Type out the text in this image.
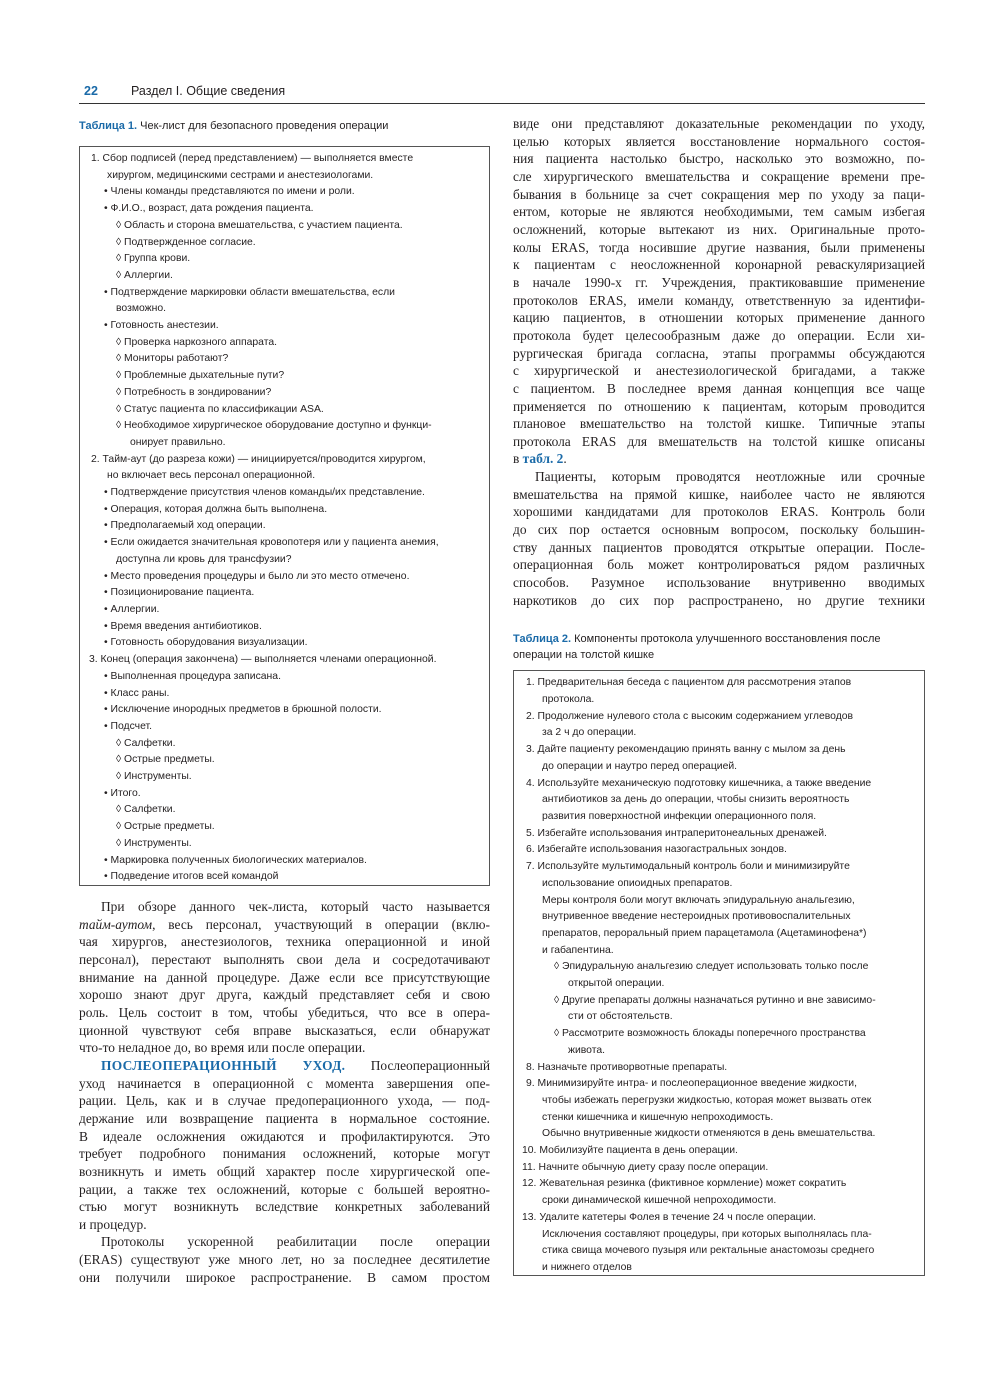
22	Раздел I. Общие сведения
Таблица 1. Чек-лист для безопасного проведения операции
1. Сбор подписей (перед представлением) — выполняется вместе
хирургом, медицинскими сестрами и анестезиологами.
• Члены команды представляются по имени и роли.
• Ф.И.О., возраст, дата рождения пациента.
◊ Область и сторона вмешательства, с участием пациента.
◊ Подтвержденное согласие.
◊ Группа крови.
◊ Аллергии.
• Подтверждение маркировки области вмешательства, если
возможно.
• Готовность анестезии.
◊ Проверка наркозного аппарата.
◊ Мониторы работают?
◊ Проблемные дыхательные пути?
◊ Потребность в зондировании?
◊ Статус пациента по классификации ASA.
◊ Необходимое хирургическое оборудование доступно и функци-
онирует правильно.
2. Тайм-аут (до разреза кожи) — инициируется/проводится хирургом,
но включает весь персонал операционной.
• Подтверждение присутствия членов команды/их представление.
• Операция, которая должна быть выполнена.
• Предполагаемый ход операции.
• Если ожидается значительная кровопотеря или у пациента анемия,
доступна ли кровь для трансфузии?
• Место проведения процедуры и было ли это место отмечено.
• Позиционирование пациента.
• Аллергии.
• Время введения антибиотиков.
• Готовность оборудования визуализации.
3. Конец (операция закончена) — выполняется членами операционной.
• Выполненная процедура записана.
• Класс раны.
• Исключение инородных предметов в брюшной полости.
• Подсчет.
◊ Салфетки.
◊ Острые предметы.
◊ Инструменты.
• Итого.
◊ Салфетки.
◊ Острые предметы.
◊ Инструменты.
• Маркировка полученных биологических материалов.
• Подведение итогов всей командой
При обзоре данного чек-листа, который часто называется
тайм-аутом, весь персонал, участвующий в операции (вклю-
чая хирургов, анестезиологов, техника операционной и иной
персонал), перестают выполнять свои дела и сосредотачивают
внимание на данной процедуре. Даже если все присутствующие
хорошо знают друг друга, каждый представляет себя и свою
роль. Цель состоит в том, чтобы убедиться, что все в опера-
ционной чувствуют себя вправе высказаться, если обнаружат
что-то неладное до, во время или после операции.
ПОСЛЕОПЕРАЦИОННЫЙ УХОД. Послеоперационный
уход начинается в операционной с момента завершения опе-
рации. Цель, как и в случае предоперационного ухода, — под-
держание или возвращение пациента в нормальное состояние.
В идеале осложнения ожидаются и профилактируются. Это
требует подробного понимания осложнений, которые могут
возникнуть и иметь общий характер после хирургической опе-
рации, а также тех осложнений, которые с большей вероятно-
стью могут возникнуть вследствие конкретных заболеваний
и процедур.
Протоколы ускоренной реабилитации после операции
(ERAS) существуют уже много лет, но за последнее десятилетие
они получили широкое распространение. В самом простом
виде они представляют доказательные рекомендации по уходу,
целью которых является восстановление нормального состоя-
ния пациента настолько быстро, насколько это возможно, по-
сле хирургического вмешательства и сокращение времени пре-
бывания в больнице за счет сокращения мер по уходу за паци-
ентом, которые не являются необходимыми, тем самым избегая
осложнений, которые вытекают из них. Оригинальные прото-
колы ERAS, тогда носившие другие названия, были применены
к пациентам с неосложненной коронарной реваскуляризацией
в начале 1990-х гг. Учреждения, практиковавшие применение
протоколов ERAS, имели команду, ответственную за идентифи-
кацию пациентов, в отношении которых применение данного
протокола будет целесообразным даже до операции. Если хи-
рургическая бригада согласна, этапы программы обсуждаются
с хирургической и анестезиологической бригадами, а также
с пациентом. В последнее время данная концепция все чаще
применяется по отношению к пациентам, которым проводится
плановое вмешательство на толстой кишке. Типичные этапы
протокола ERAS для вмешательств на толстой кишке описаны
в табл. 2.
Пациенты, которым проводятся неотложные или срочные
вмешательства на прямой кишке, наиболее часто не являются
хорошими кандидатами для протоколов ERAS. Контроль боли
до сих пор остается основным вопросом, поскольку большин-
ству данных пациентов проводятся открытые операции. После-
операционная боль может контролироваться рядом различных
способов. Разумное использование внутривенно вводимых
наркотиков до сих пор распространено, но другие техники
Таблица 2. Компоненты протокола улучшенного восстановления после
операции на толстой кишке
1. Предварительная беседа с пациентом для рассмотрения этапов
протокола.
2. Продолжение нулевого стола с высоким содержанием углеводов
за 2 ч до операции.
3. Дайте пациенту рекомендацию принять ванну с мылом за день
до операции и наутро перед операцией.
4. Используйте механическую подготовку кишечника, а также введение
антибиотиков за день до операции, чтобы снизить вероятность
развития поверхностной инфекции операционного поля.
5. Избегайте использования интраперитонеальных дренажей.
6. Избегайте использования назогастральных зондов.
7. Используйте мультимодальный контроль боли и минимизируйте
использование опиоидных препаратов.
Меры контроля боли могут включать эпидуральную анальгезию,
внутривенное введение нестероидных противовоспалительных
препаратов, пероральный прием парацетамола (Ацетаминофена*)
и габапентина.
◊ Эпидуральную анальгезию следует использовать только после
открытой операции.
◊ Другие препараты должны назначаться рутинно и вне зависимо-
сти от обстоятельств.
◊ Рассмотрите возможность блокады поперечного пространства
живота.
8. Назначьте противорвотные препараты.
9. Минимизируйте интра- и послеоперационное введение жидкости,
чтобы избежать перегрузки жидкостью, которая может вызвать отек
стенки кишечника и кишечную непроходимость.
Обычно внутривенные жидкости отменяются в день вмешательства.
10. Мобилизуйте пациента в день операции.
11. Начните обычную диету сразу после операции.
12. Жевательная резинка (фиктивное кормление) может сократить
сроки динамической кишечной непроходимости.
13. Удалите катетеры Фолея в течение 24 ч после операции.
Исключения составляют процедуры, при которых выполнялась пла-
стика свища мочевого пузыря или ректальные анастомозы среднего
и нижнего отделов
